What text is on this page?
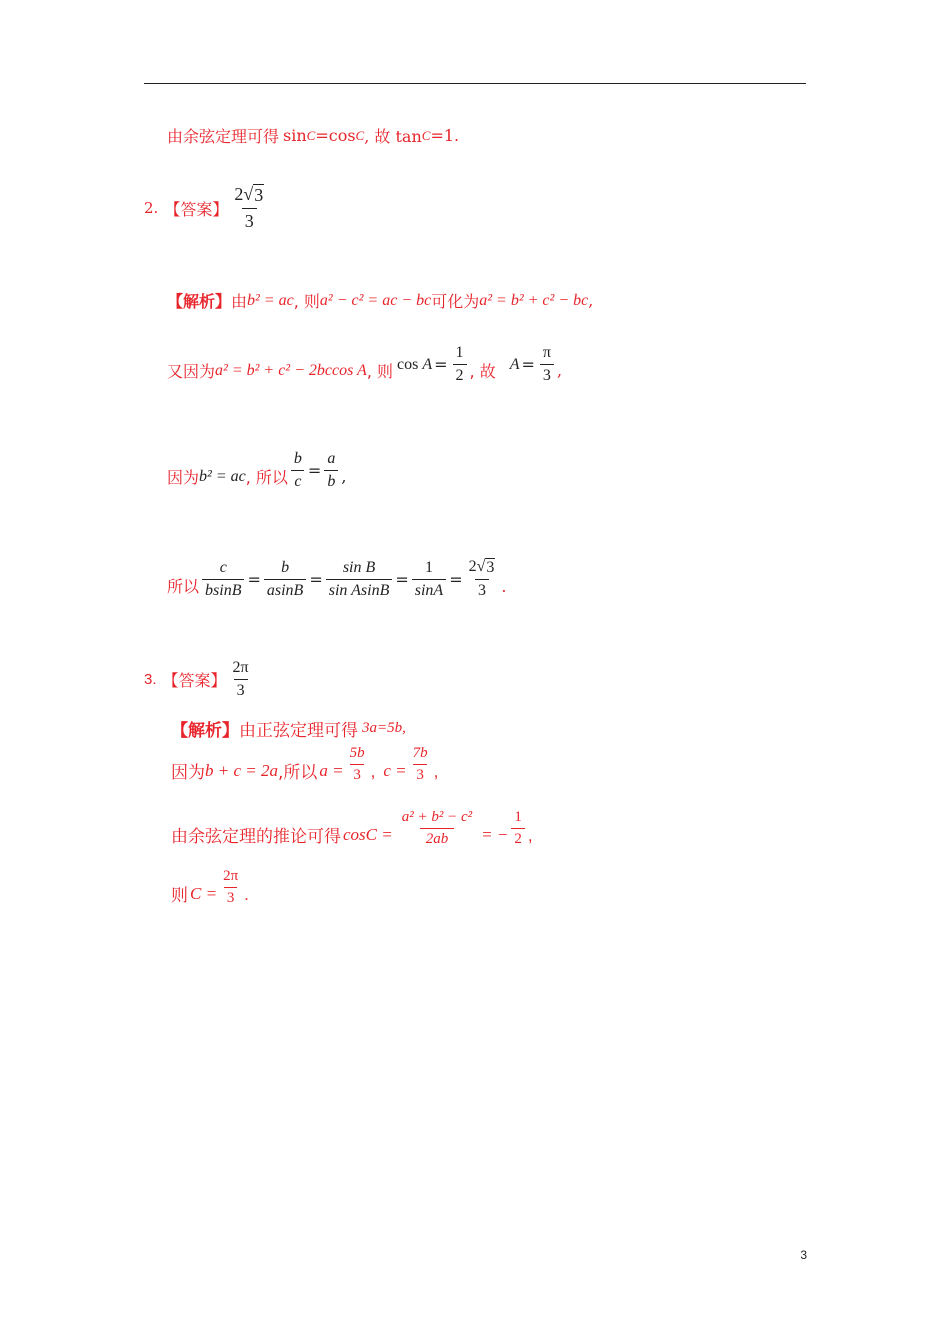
由余弦定理可得 sin C = cos C , 故 tan C =1.
2. 【答案】 $\frac{2√ 3}{3}$
【解析】 由 b² = ac , 则 a² − c² = ac − bc 可化为 a² = b² + c² − bc ,
又因为 a² = b² + c² − 2bccos A , 则 $\cos A = \frac{1}{2}$ , 故 $A = \frac{\pi}{3}$ ,
因为 b² = ac , 所以 $\frac{b}{c} = \frac{a}{b}$ ,
所以 $\frac{c}{bsinB} = \frac{b}{asinB} = \frac{\text{sin B}}{\text{sin AsinB}} = \frac{1}{\sin A} = \frac{2√ 3}{3}$ .
3. 【答案】 $\frac{2\pi}{3}$
【解析】 由正弦定理可得 3a=5b,
因为 b + c = 2a ,所以 $a = \frac{5b}{3}$ , $c = \frac{7b}{3}$ ,
由余弦定理的推论可得 $\cos C = \frac{\text{a² + b² − c²}}{2ab}$ = − $\frac{1}{2}$ ,
则 $C = \frac{2\pi}{3}$ .
3
